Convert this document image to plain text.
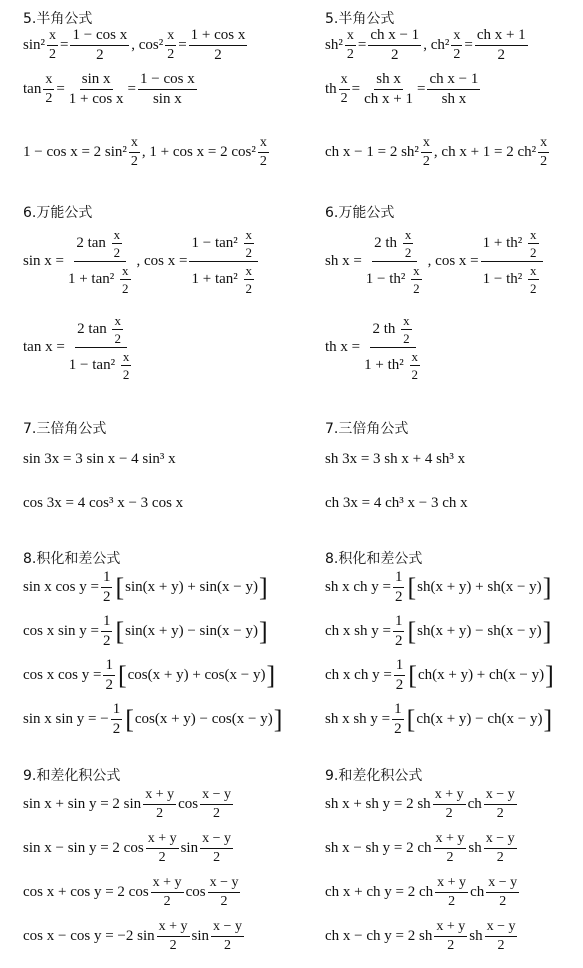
5.半角公式
$\sin^2 \frac{x}{2} = \frac{\text{1 − cos x}}{2}$ , $\cos^2 \frac{x}{2} = \frac{\text{1 + cos x}}{2}$
$\tan \frac{x}{2} = \frac{\text{sin x}}{\text{1 + cos x}} = \frac{\text{1 − cos x}}{\text{sin x}}$
1 − cos x = 2 $\sin^2 \frac{x}{2}$ , 1 + cos x = 2 $\cos^2 \frac{x}{2}$
6.万能公式
$\sin x = \frac{2 \tan \frac{x}{2}}{1 + \tan^2 \frac{x}{2}}$ , $\cos x = \frac{1 - \tan^2 \frac{x}{2}}{1 + \tan^2 \frac{x}{2}}$
$\tan x = \frac{2 \tan \frac{x}{2}}{1 - \tan^2 \frac{x}{2}}$
7.三倍角公式
sin 3x = 3 sin x − 4 sin³ x
cos 3x = 4 cos³ x − 3 cos x
8.积化和差公式
sin x $\cos y = \frac{1}{2}$ [ sin(x + y) + sin(x − y) ]
cos x $\sin y = \frac{1}{2}$ [ sin(x + y) − sin(x − y) ]
cos x $\cos y = \frac{1}{2}$ [ cos(x + y) + cos(x − y) ]
sin x sin y = − $\frac{1}{2}$ [ cos(x + y) − cos(x − y) ]
9.和差化积公式
sin x + sin y = 2 $\sin \frac{x + y}{2}$ $\cos \frac{x - y}{2}$
sin x − sin y = 2 $\cos \frac{x + y}{2}$ $\sin \frac{x - y}{2}$
cos x + cos y = 2 $\cos \frac{x + y}{2}$ $\cos \frac{x - y}{2}$
cos x − cos y = −2 $\sin \frac{x + y}{2}$ $\sin \frac{x - y}{2}$
5.半角公式
$sh^2 \frac{x}{2} = \frac{\text{ch x − 1}}{2}$ , $ch^2 \frac{x}{2} = \frac{\text{ch x + 1}}{2}$
th $\frac{x}{2} = \frac{\text{sh x}}{\text{ch x + 1}} = \frac{\text{ch x − 1}}{\text{sh x}}$
ch x − 1 = 2 $sh^2 \frac{x}{2}$ , ch x + 1 = 2 $ch^2 \frac{x}{2}$
6.万能公式
sh $x = \frac{2 th \frac{x}{2}}{1 - th^2 \frac{x}{2}}$ , $\cos x = \frac{1 + th^2 \frac{x}{2}}{1 - th^2 \frac{x}{2}}$
th $x = \frac{2 th \frac{x}{2}}{1 + th^2 \frac{x}{2}}$
7.三倍角公式
sh 3x = 3 sh x + 4 sh³ x
ch 3x = 4 ch³ x − 3 ch x
8.积化和差公式
sh x ch $y = \frac{1}{2}$ [ sh(x + y) + sh(x − y) ]
ch x sh $y = \frac{1}{2}$ [ sh(x + y) − sh(x − y) ]
ch x ch $y = \frac{1}{2}$ [ ch(x + y) + ch(x − y) ]
sh x sh $y = \frac{1}{2}$ [ ch(x + y) − ch(x − y) ]
9.和差化积公式
sh x + sh y = 2 sh $\frac{x + y}{2}$ ch $\frac{x - y}{2}$
sh x − sh y = 2 ch $\frac{x + y}{2}$ sh $\frac{x - y}{2}$
ch x + ch y = 2 ch $\frac{x + y}{2}$ ch $\frac{x - y}{2}$
ch x − ch y = 2 sh $\frac{x + y}{2}$ sh $\frac{x - y}{2}$
